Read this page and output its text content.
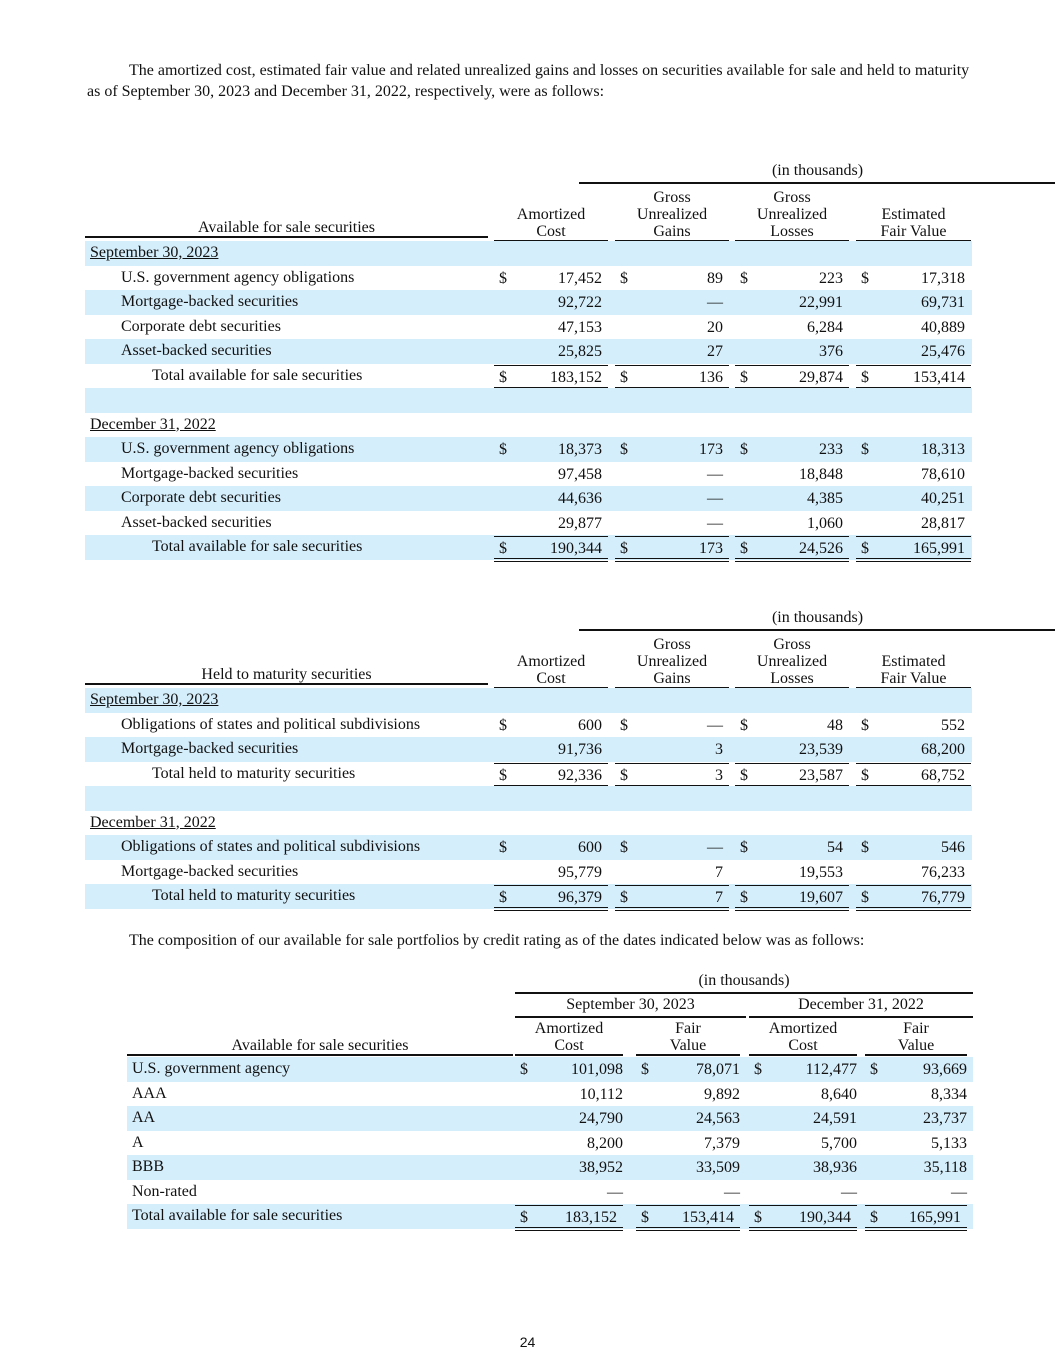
The amortized cost, estimated fair value and related unrealized gains and losses on securities available for sale and held to maturity as of September 30, 2023 and December 31, 2022, respectively, were as follows:
(in thousands)
Amortized
Cost
Gross
Unrealized
Gains
Gross
Unrealized
Losses
Estimated
Fair Value
Available for sale securities
September 30, 2023
U.S. government agency obligations	$	17,452 $	89 $	223 $	17,318
Mortgage-backed securities	92,722	—	22,991	69,731
Corporate debt securities	47,153	20	6,284	40,889
Asset-backed securities	25,825	27	376	25,476
Total available for sale securities	$	183,152 $	136 $	29,874 $	153,414
December 31, 2022
U.S. government agency obligations	$	18,373 $	173 $	233 $	18,313
Mortgage-backed securities	97,458	—	18,848	78,610
Corporate debt securities	44,636	—	4,385	40,251
Asset-backed securities	29,877	—	1,060	28,817
Total available for sale securities	$	190,344 $	173 $	24,526 $	165,991
(in thousands)
Amortized
Cost
Gross
Unrealized
Gains
Gross
Unrealized
Losses
Estimated
Fair Value
Held to maturity securities
September 30, 2023
Obligations of states and political subdivisions	$	600 $	— $	48 $	552
Mortgage-backed securities	91,736	3	23,539	68,200
Total held to maturity securities	$	92,336 $	3 $	23,587 $	68,752
December 31, 2022
Obligations of states and political subdivisions	$	600 $	— $	54 $	546
Mortgage-backed securities	95,779	7	19,553	76,233
Total held to maturity securities	$	96,379 $	7 $	19,607 $	76,779
The composition of our available for sale portfolios by credit rating as of the dates indicated below was as follows:
(in thousands)
September 30, 2023	December 31, 2022
Amortized
Cost
Fair
Value
Amortized
Cost
Fair
Value
Available for sale securities
U.S. government agency	$	101,098 $	78,071 $	112,477 $	93,669
AAA	10,112	9,892	8,640	8,334
AA	24,790	24,563	24,591	23,737
A	8,200	7,379	5,700	5,133
BBB	38,952	33,509	38,936	35,118
Non-rated	—	—	—	—
Total available for sale securities	$ 183,152 $ 153,414 $ 190,344 $ 165,991
24
